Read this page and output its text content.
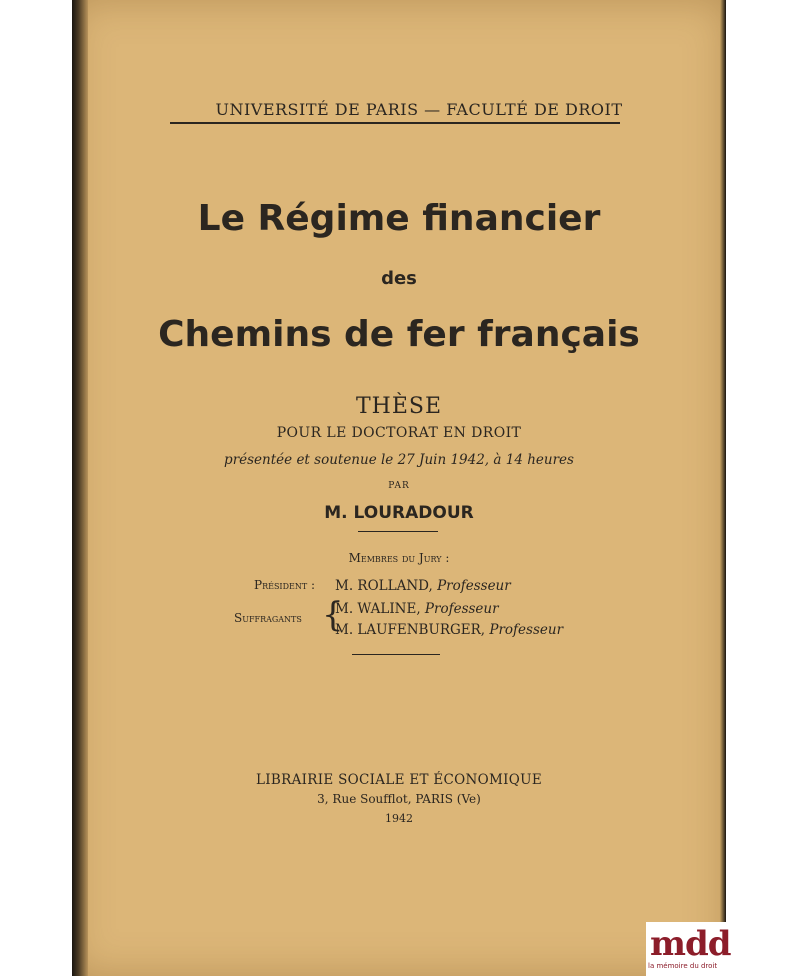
UNIVERSITÉ DE PARIS — FACULTÉ DE DROIT
Le Régime financier
des
Chemins de fer français
THÈSE
POUR LE DOCTORAT EN DROIT
présentée et soutenue le 27 Juin 1942, à 14 heures
PAR
M. LOURADOUR
Membres du Jury :
Président : M. ROLLAND, Professeur
Suffragants {
M. WALINE, Professeur
M. LAUFENBURGER, Professeur
LIBRAIRIE SOCIALE ET ÉCONOMIQUE
3, Rue Soufflot, PARIS (Ve)
1942
mdd
la mémoire du droit
